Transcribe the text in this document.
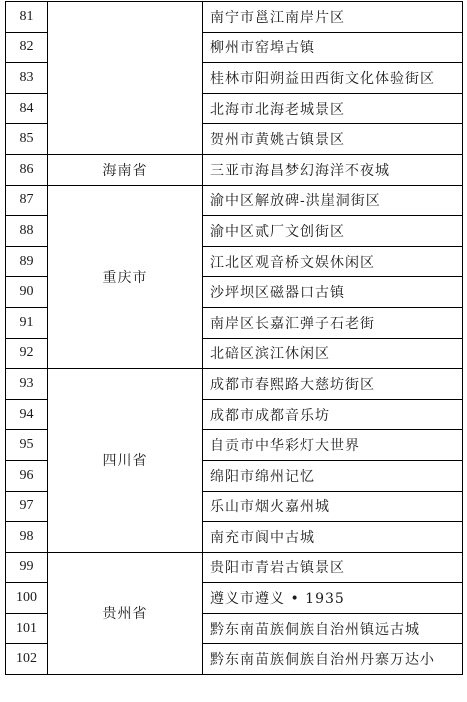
81		南宁市邕江南岸片区
82		柳州市窑埠古镇
83		桂林市阳朔益田西街文化体验街区
84		北海市北海老城景区
85		贺州市黄姚古镇景区
86	海南省	三亚市海昌梦幻海洋不夜城
87	重庆市	渝中区解放碑-洪崖洞街区
88		渝中区贰厂文创街区
89		江北区观音桥文娱休闲区
90		沙坪坝区磁器口古镇
91		南岸区长嘉汇弹子石老街
92		北碚区滨江休闲区
93	四川省	成都市春熙路大慈坊街区
94		成都市成都音乐坊
95		自贡市中华彩灯大世界
96		绵阳市绵州记忆
97		乐山市烟火嘉州城
98		南充市阆中古城
99	贵州省	贵阳市青岩古镇景区
100		遵义市遵义 • 1935
101		黔东南苗族侗族自治州镇远古城
102		黔东南苗族侗族自治州丹寨万达小
